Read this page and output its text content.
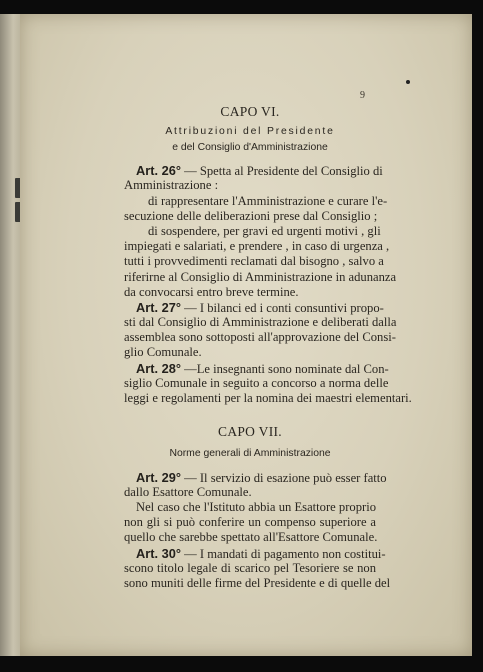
9
CAPO VI.
Attribuzioni del Presidente
e del Consiglio d'Amministrazione
Art. 26° — Spetta al Presidente del Consiglio di
Amministrazione :
di rappresentare l'Amministrazione e curare l'e-
secuzione delle deliberazioni prese dal Consiglio ;
di sospendere, per gravi ed urgenti motivi , gli
impiegati e salariati, e prendere , in caso di urgenza ,
tutti i provvedimenti reclamati dal bisogno , salvo a
riferirne al Consiglio di Amministrazione in adunanza
da convocarsi entro breve termine.
Art. 27° — I bilanci ed i conti consuntivi propo-
sti dal Consiglio di Amministrazione e deliberati dalla
assemblea sono sottoposti all'approvazione del Consi-
glio Comunale.
Art. 28° —Le insegnanti sono nominate dal Con-
siglio Comunale in seguito a concorso a norma delle
leggi e regolamenti per la nomina dei maestri elementari.
CAPO VII.
Norme generali di Amministrazione
Art. 29° — Il servizio di esazione può esser fatto
dallo Esattore Comunale.
Nel caso che l'Istituto abbia un Esattore proprio
non gli si può conferire un compenso superiore a
quello che sarebbe spettato all'Esattore Comunale.
Art. 30° — I mandati di pagamento non costitui-
scono titolo legale di scarico pel Tesoriere se non
sono muniti delle firme del Presidente e di quelle del
